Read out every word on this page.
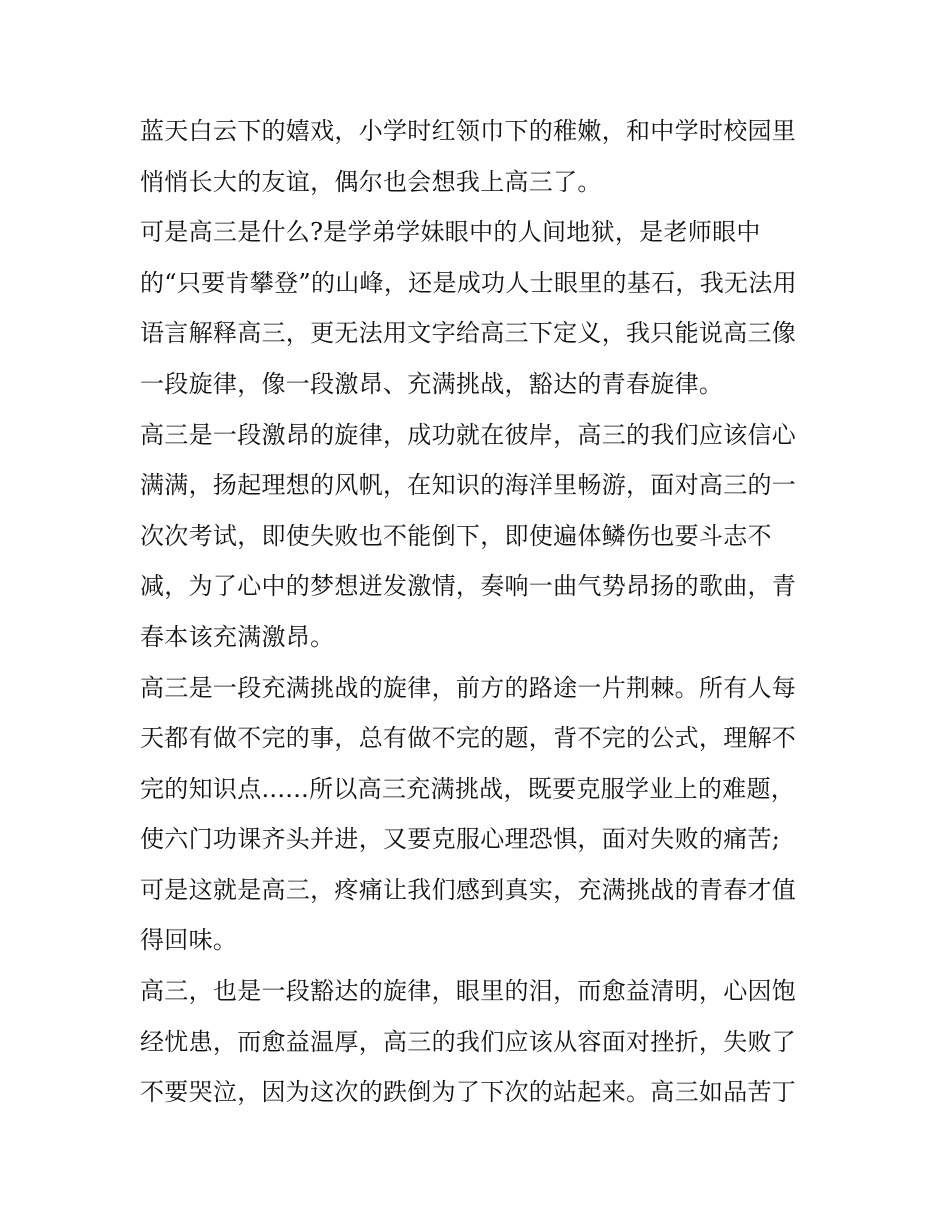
蓝天白云下的嬉戏，小学时红领巾下的稚嫩，和中学时校园里
悄悄长大的友谊，偶尔也会想我上高三了。
可是高三是什么?是学弟学妹眼中的人间地狱，是老师眼中
的“只要肯攀登”的山峰，还是成功人士眼里的基石，我无法用
语言解释高三，更无法用文字给高三下定义，我只能说高三像
一段旋律，像一段激昂、充满挑战，豁达的青春旋律。
高三是一段激昂的旋律，成功就在彼岸，高三的我们应该信心
满满，扬起理想的风帆，在知识的海洋里畅游，面对高三的一
次次考试，即使失败也不能倒下，即使遍体鳞伤也要斗志不
减，为了心中的梦想迸发激情，奏响一曲气势昂扬的歌曲，青
春本该充满激昂。
高三是一段充满挑战的旋律，前方的路途一片荆棘。所有人每
天都有做不完的事，总有做不完的题，背不完的公式，理解不
完的知识点......所以高三充满挑战，既要克服学业上的难题，
使六门功课齐头并进，又要克服心理恐惧，面对失败的痛苦;
可是这就是高三，疼痛让我们感到真实，充满挑战的青春才值
得回味。
高三，也是一段豁达的旋律，眼里的泪，而愈益清明，心因饱
经忧患，而愈益温厚，高三的我们应该从容面对挫折，失败了
不要哭泣，因为这次的跌倒为了下次的站起来。高三如品苦丁
